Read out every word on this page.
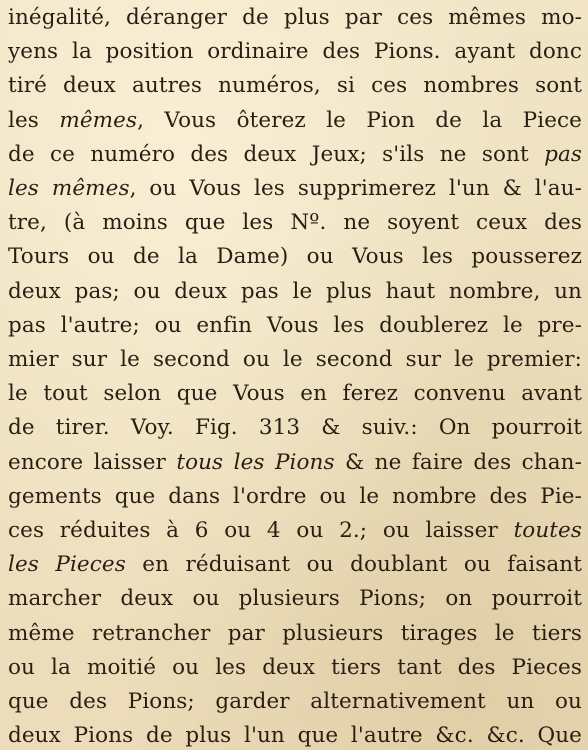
inégalité, déranger de plus par ces mêmes mo-
yens la position ordinaire des Pions. ayant donc
tiré deux autres numéros, si ces nombres sont
les mêmes, Vous ôterez le Pion de la Piece
de ce numéro des deux Jeux; s'ils ne sont pas
les mêmes, ou Vous les supprimerez l'un & l'au-
tre, (à moins que les Nº. ne soyent ceux des
Tours ou de la Dame) ou Vous les pousserez
deux pas; ou deux pas le plus haut nombre, un
pas l'autre; ou enfin Vous les doublerez le pre-
mier sur le second ou le second sur le premier:
le tout selon que Vous en ferez convenu avant
de tirer. Voy. Fig. 313 & suiv.: On pourroit
encore laisser tous les Pions & ne faire des chan-
gements que dans l'ordre ou le nombre des Pie-
ces réduites à 6 ou 4 ou 2.; ou laisser toutes
les Pieces en réduisant ou doublant ou faisant
marcher deux ou plusieurs Pions; on pourroit
même retrancher par plusieurs tirages le tiers
ou la moitié ou les deux tiers tant des Pieces
que des Pions; garder alternativement un ou
deux Pions de plus l'un que l'autre &c. &c. Que
